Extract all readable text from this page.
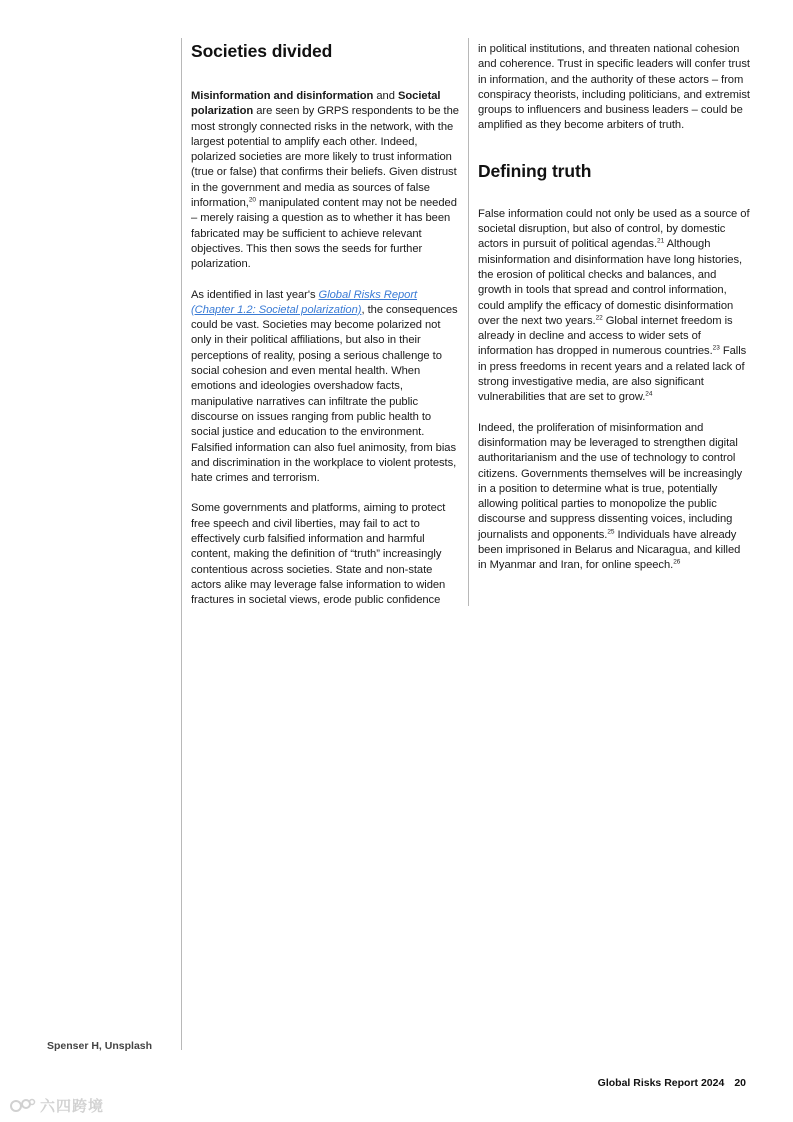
Societies divided

Misinformation and disinformation and Societal polarization are seen by GRPS respondents to be the most strongly connected risks in the network, with the largest potential to amplify each other. Indeed, polarized societies are more likely to trust information (true or false) that confirms their beliefs. Given distrust in the government and media as sources of false information,$^{20}$ manipulated content may not be needed – merely raising a question as to whether it has been fabricated may be sufficient to achieve relevant objectives. This then sows the seeds for further polarization.

As identified in last year's Global Risks Report (Chapter 1.2: Societal polarization), the consequences could be vast. Societies may become polarized not only in their political affiliations, but also in their perceptions of reality, posing a serious challenge to social cohesion and even mental health. When emotions and ideologies overshadow facts, manipulative narratives can infiltrate the public discourse on issues ranging from public health to social justice and education to the environment. Falsified information can also fuel animosity, from bias and discrimination in the workplace to violent protests, hate crimes and terrorism.

Some governments and platforms, aiming to protect free speech and civil liberties, may fail to act to effectively curb falsified information and harmful content, making the definition of “truth” increasingly contentious across societies. State and non-state actors alike may leverage false information to widen fractures in societal views, erode public confidence

in political institutions, and threaten national cohesion and coherence. Trust in specific leaders will confer trust in information, and the authority of these actors – from conspiracy theorists, including politicians, and extremist groups to influencers and business leaders – could be amplified as they become arbiters of truth.

Defining truth

False information could not only be used as a source of societal disruption, but also of control, by domestic actors in pursuit of political agendas.$^{21}$ Although misinformation and disinformation have long histories, the erosion of political checks and balances, and growth in tools that spread and control information, could amplify the efficacy of domestic disinformation over the next two years.$^{22}$ Global internet freedom is already in decline and access to wider sets of information has dropped in numerous countries.$^{23}$ Falls in press freedoms in recent years and a related lack of strong investigative media, are also significant vulnerabilities that are set to grow.$^{24}$

Indeed, the proliferation of misinformation and disinformation may be leveraged to strengthen digital authoritarianism and the use of technology to control citizens. Governments themselves will be increasingly in a position to determine what is true, potentially allowing political parties to monopolize the public discourse and suppress dissenting voices, including journalists and opponents.$^{25}$ Individuals have already been imprisoned in Belarus and Nicaragua, and killed in Myanmar and Iran, for online speech.$^{26}$

Spenser H, Unsplash
Global Risks Report 2024 20
六四跨境
